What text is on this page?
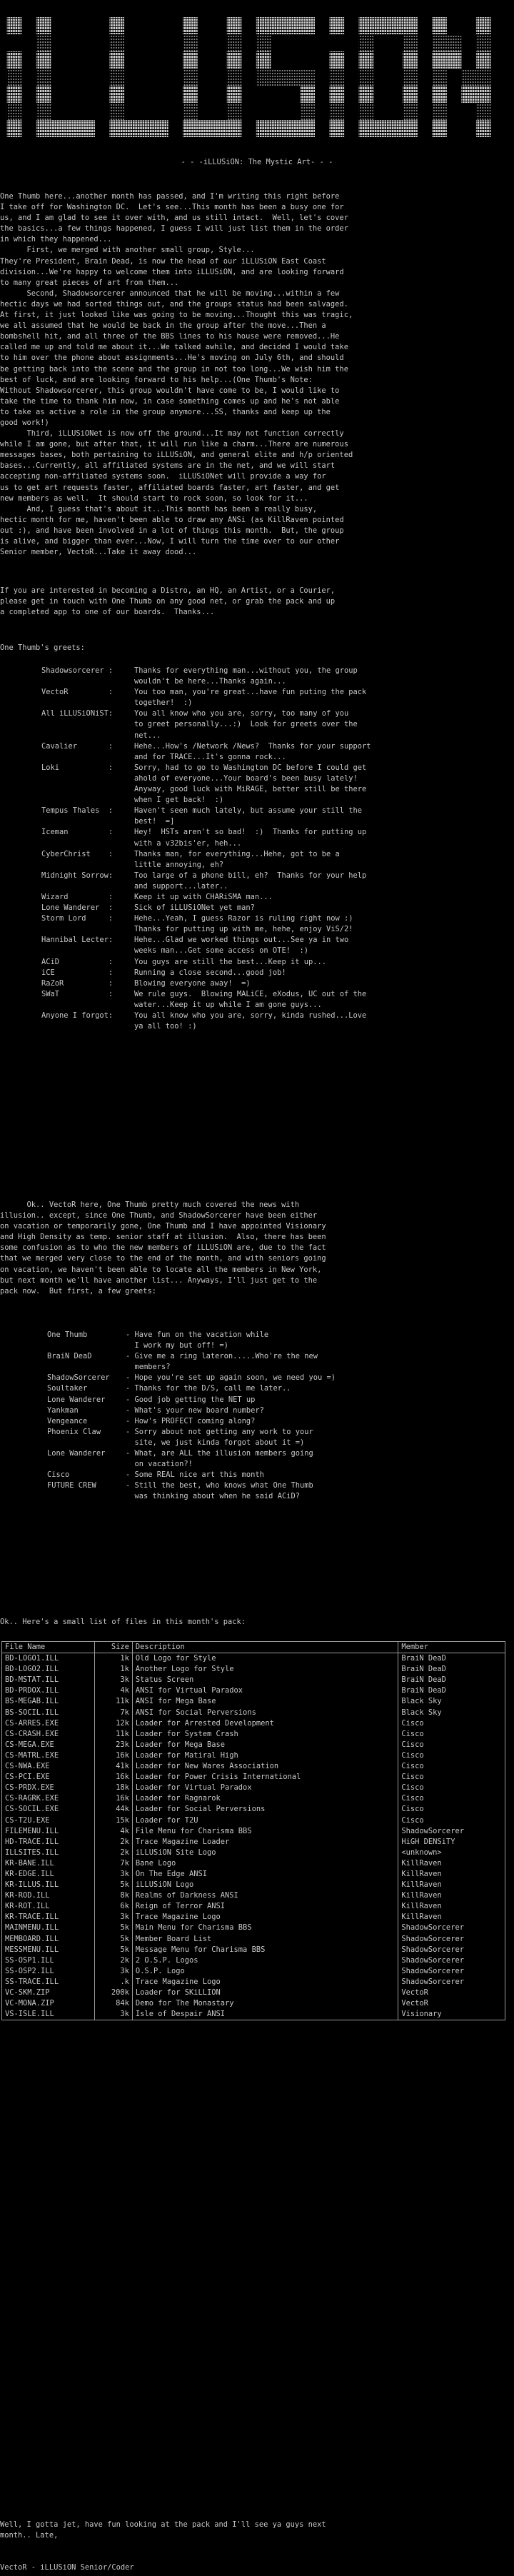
- - -iLLUSiON: The Mystic Art- - -
One Thumb here...another month has passed, and I'm writing this right before
I take off for Washington DC.  Let's see...This month has been a busy one for
us, and I am glad to see it over with, and us still intact.  Well, let's cover
the basics...a few things happened, I guess I will just list them in the order
in which they happened...
First, we merged with another small group, Style...
They're President, Brain Dead, is now the head of our iLLUSiON East Coast
division...We're happy to welcome them into iLLUSiON, and are looking forward
to many great pieces of art from them...
Second, Shadowsorcerer announced that he will be moving...within a few
hectic days we had sorted things out, and the groups status had been salvaged.
At first, it just looked like was going to be moving...Thought this was tragic,
we all assumed that he would be back in the group after the move...Then a
bombshell hit, and all three of the BBS lines to his house were removed...He
called me up and told me about it...We talked awhile, and decided I would take
to him over the phone about assignments...He's moving on July 6th, and should
be getting back into the scene and the group in not too long...We wish him the
best of luck, and are looking forward to his help...(One Thumb's Note:
Without Shadowsorcerer, this group wouldn't have come to be, I would like to
take the time to thank him now, in case something comes up and he's not able
to take as active a role in the group anymore...SS, thanks and keep up the
good work!)
Third, iLLUSiONet is now off the ground...It may not function correctly
while I am gone, but after that, it will run like a charm...There are numerous
messages bases, both pertaining to iLLUSiON, and general elite and h/p oriented
bases...Currently, all affiliated systems are in the net, and we will start
accepting non-affiliated systems soon.  iLLUSiONet will provide a way for
us to get art requests faster, affiliated boards faster, art faster, and get
new members as well.  It should start to rock soon, so look for it...
And, I guess that's about it...This month has been a really busy,
hectic month for me, haven't been able to draw any ANSi (as KillRaven pointed
out :), and have been involved in a lot of things this month.  But, the group
is alive, and bigger than ever...Now, I will turn the time over to our other
Senior member, VectoR...Take it away dood...

If you are interested in becoming a Distro, an HQ, an Artist, or a Courier,
please get in touch with One Thumb on any good net, or grab the pack and up
a completed app to one of our boards.  Thanks...

One Thumb's greets:
Shadowsorcerer :	Thanks for everything man...without you, the group
wouldn't be here...Thanks again...
VectoR         :	You too man, you're great...have fun puting the pack
together!  :)
All iLLUSiONiST:	You all know who you are, sorry, too many of you
to greet personally...:)  Look for greets over the
net...
Cavalier       :	Hehe...How's /Network /News?  Thanks for your support
and for TRACE...It's gonna rock...
Loki           :	Sorry, had to go to Washington DC before I could get
ahold of everyone...Your board's been busy lately!
Anyway, good luck with MiRAGE, better still be there
when I get back!  :)
Tempus Thales  :	Haven't seen much lately, but assume your still the
best!  =]
Iceman         :	Hey!  HSTs aren't so bad!  :)  Thanks for putting up
with a v32bis'er, heh...
CyberChrist    :	Thanks man, for everything...Hehe, got to be a
little annoying, eh?
Midnight Sorrow:	Too large of a phone bill, eh?  Thanks for your help
and support...later..
Wizard         :	Keep it up with CHARiSMA man...
Lone Wanderer  :	Sick of iLLUSiONet yet man?
Storm Lord     :	Hehe...Yeah, I guess Razor is ruling right now :)
Thanks for putting up with me, hehe, enjoy ViS/2!
Hannibal Lecter:	Hehe...Glad we worked things out...See ya in two
weeks man...Get some access on OTE!  :)
ACiD           :	You guys are still the best...Keep it up...
iCE            :	Running a close second...good job!
RaZoR          :	Blowing everyone away!  =)
SWaT           :	We rule guys.  Blowing MALiCE, eXodus, UC out of the
water...Keep it up while I am gone guys...
Anyone I forgot:	You all know who you are, sorry, kinda rushed...Love
ya all too! :)
Ok.. VectoR here, One Thumb pretty much covered the news with
illusion.. except, since One Thumb, and ShadowSorcerer have been either
on vacation or temporarily gone, One Thumb and I have appointed Visionary
and High Density as temp. senior staff at illusion.  Also, there has been
some confusion as to who the new members of iLLUSiON are, due to the fact
that we merged very close to the end of the month, and with seniors going
on vacation, we haven't been able to locate all the members in New York,
but next month we'll have another list... Anyways, I'll just get to the
pack now.  But first, a few greets:

One Thumb	- Have fun on the vacation while
I work my but off! =)
BraiN DeaD	- Give me a ring lateron.....Who're the new
members?
ShadowSorcerer	- Hope you're set up again soon, we need you =)
Soultaker	- Thanks for the D/S, call me later..
Lone Wanderer	- Good job getting the NET up
Yankman	- What's your new board number?
Vengeance	- How's PROFECT coming along?
Phoenix Claw	- Sorry about not getting any work to your
site, we just kinda forgot about it =)
Lone Wanderer	- What, are ALL the illusion members going
on vacation?!
Cisco	- Some REAL nice art this month
FUTURE CREW	- Still the best, who knows what One Thumb
was thinking about when he said ACiD?
Ok.. Here's a small list of files in this month's pack:
File Name	Size	Description	Member
BD-LOGO1.ILL	1k	Old Logo for Style	BraiN DeaD
BD-LOGO2.ILL	1k	Another Logo for Style	BraiN DeaD
BD-MSTAT.ILL	3k	Status Screen	BraiN DeaD
BD-PRDOX.ILL	4k	ANSI for Virtual Paradox	BraiN DeaD
BS-MEGAB.ILL	11k	ANSI for Mega Base	Black Sky
BS-SOCIL.ILL	7k	ANSI for Social Perversions	Black Sky
CS-ARRES.EXE	12k	Loader for Arrested Development	Cisco
CS-CRASH.EXE	11k	Loader for System Crash	Cisco
CS-MEGA.EXE	23k	Loader for Mega Base	Cisco
CS-MATRL.EXE	16k	Loader for Matiral High	Cisco
CS-NWA.EXE	41k	Loader for New Wares Association	Cisco
CS-PCI.EXE	16k	Loader for Power Crisis International	Cisco
CS-PRDX.EXE	18k	Loader for Virtual Paradox	Cisco
CS-RAGRK.EXE	16k	Loader for Ragnarok	Cisco
CS-SOCIL.EXE	44k	Loader for Social Perversions	Cisco
CS-T2U.EXE	15k	Loader for T2U	Cisco
FILEMENU.ILL	4k	File Menu for Charisma BBS	ShadowSorcerer
HD-TRACE.ILL	2k	Trace Magazine Loader	HiGH DENSiTY
ILLSITES.ILL	2k	iLLUSiON Site Logo	<unknown>
KR-BANE.ILL	7k	Bane Logo	KillRaven
KR-EDGE.ILL	3k	On The Edge ANSI	KillRaven
KR-ILLUS.ILL	5k	iLLUSiON Logo	KillRaven
KR-ROD.ILL	8k	Realms of Darkness ANSI	KillRaven
KR-ROT.ILL	6k	Reign of Terror ANSI	KillRaven
KR-TRACE.ILL	3k	Trace Magazine Logo	KillRaven
MAINMENU.ILL	5k	Main Menu for Charisma BBS	ShadowSorcerer
MEMBOARD.ILL	5k	Member Board List	ShadowSorcerer
MESSMENU.ILL	5k	Message Menu for Charisma BBS	ShadowSorcerer
SS-OSP1.ILL	2k	2 O.S.P. Logos	ShadowSorcerer
SS-OSP2.ILL	3k	O.S.P. Logo	ShadowSorcerer
SS-TRACE.ILL	.k	Trace Magazine Logo	ShadowSorcerer
VC-SKM.ZIP	200k	Loader for SKiLLION	VectoR
VC-MONA.ZIP	84k	Demo for The Monastary	VectoR
VS-ISLE.ILL	3k	Isle of Despair ANSI	Visionary
Well, I gotta jet, have fun looking at the pack and I'll see ya guys next
month.. Late,

VectoR - iLLUSiON Senior/Coder
